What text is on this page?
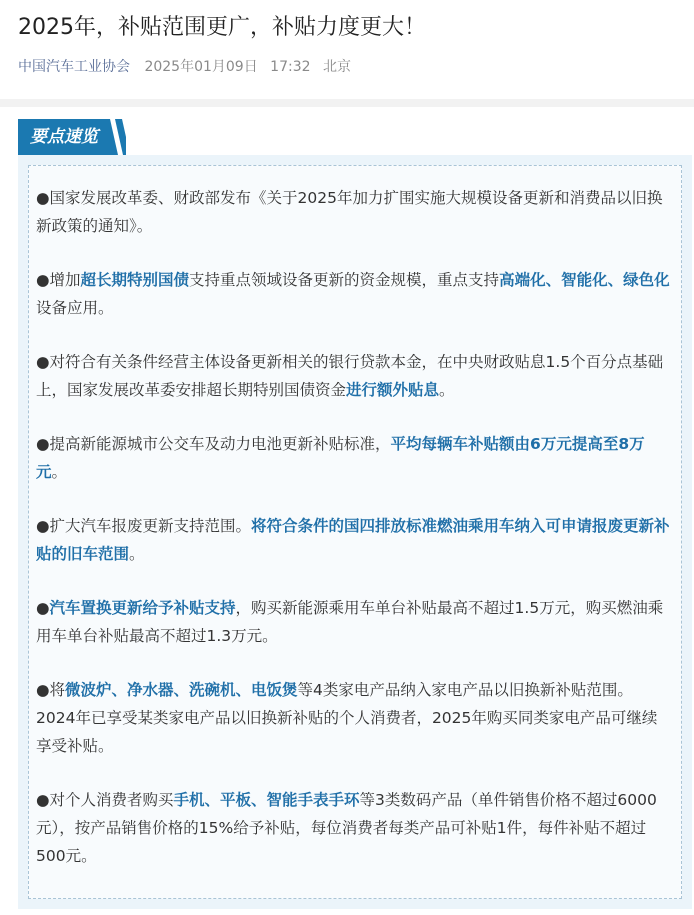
2025年，补贴范围更广，补贴力度更大！
中国汽车工业协会 2025年01月09日 17:32 北京
要点速览

●国家发展改革委、财政部发布《关于2025年加力扩围实施大规模设备更新和消费品以旧换新政策的通知》。

●增加超长期特别国债支持重点领域设备更新的资金规模，重点支持高端化、智能化、绿色化设备应用。

●对符合有关条件经营主体设备更新相关的银行贷款本金，在中央财政贴息1.5个百分点基础上，国家发展改革委安排超长期特别国债资金进行额外贴息。

●提高新能源城市公交车及动力电池更新补贴标准，平均每辆车补贴额由6万元提高至8万元。

●扩大汽车报废更新支持范围。将符合条件的国四排放标准燃油乘用车纳入可申请报废更新补贴的旧车范围。

●汽车置换更新给予补贴支持，购买新能源乘用车单台补贴最高不超过1.5万元，购买燃油乘用车单台补贴最高不超过1.3万元。

●将微波炉、净水器、洗碗机、电饭煲等4类家电产品纳入家电产品以旧换新补贴范围。2024年已享受某类家电产品以旧换新补贴的个人消费者，2025年购买同类家电产品可继续享受补贴。

●对个人消费者购买手机、平板、智能手表手环等3类数码产品（单件销售价格不超过6000元），按产品销售价格的15%给予补贴，每位消费者每类产品可补贴1件，每件补贴不超过500元。
